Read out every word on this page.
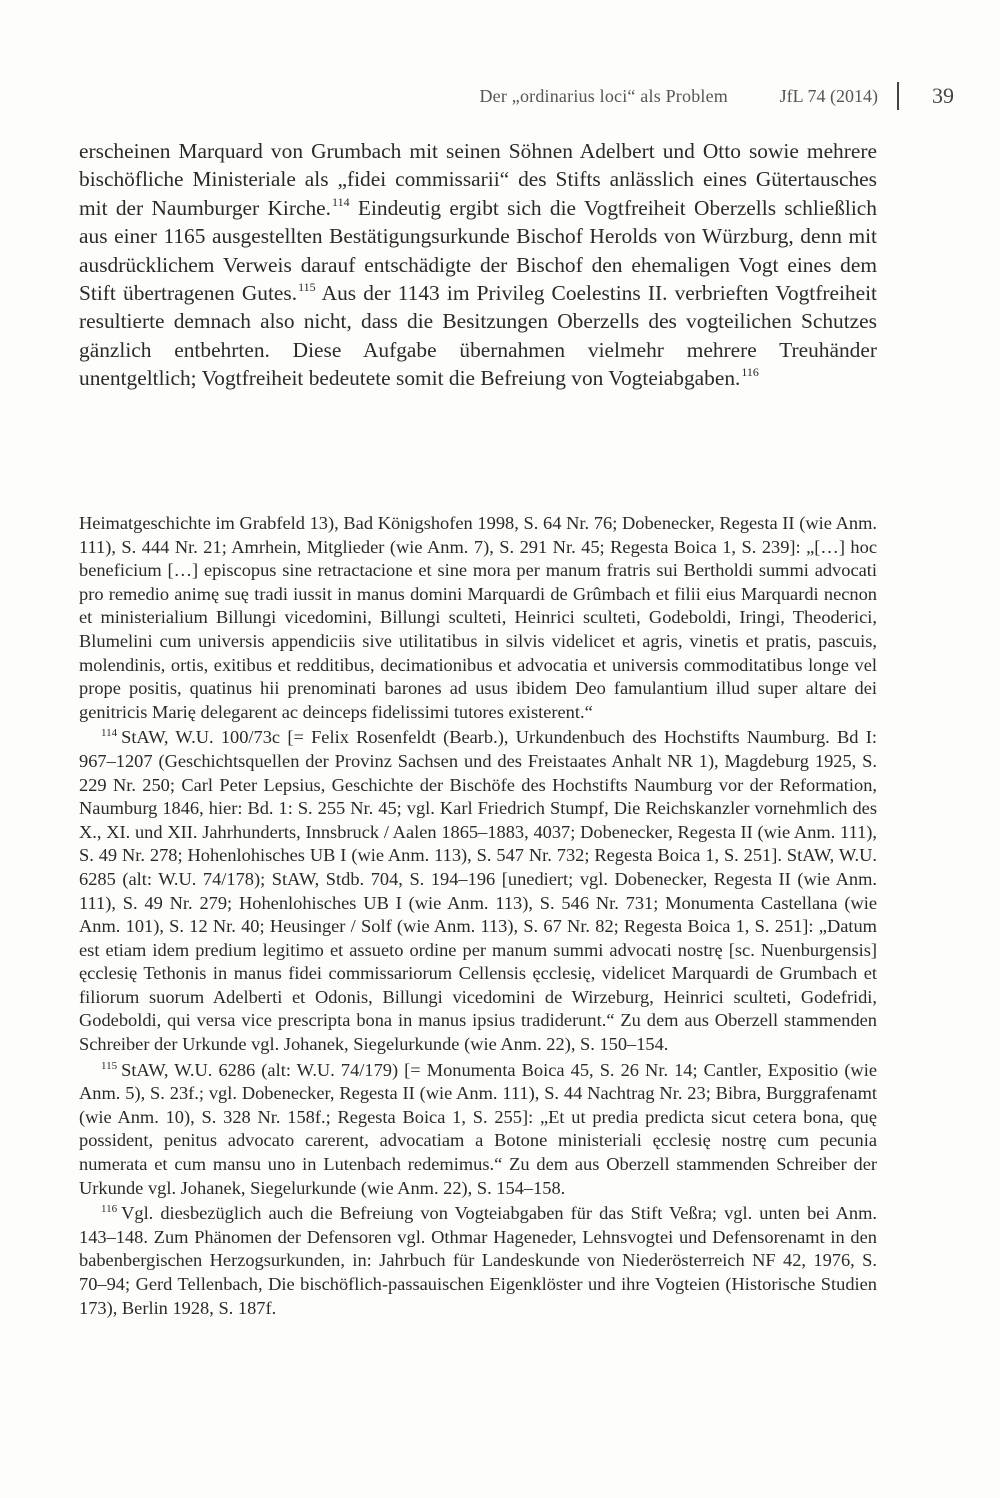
Der „ordinarius loci“ als Problem	JfL 74 (2014) 39

erscheinen Marquard von Grumbach mit seinen Söhnen Adelbert und Otto sowie mehrere bischöfliche Ministeriale als „fidei commissarii“ des Stifts anlässlich eines Gütertausches mit der Naumburger Kirche.$^{114}$ Eindeutig ergibt sich die Vogtfreiheit Oberzells schließlich aus einer 1165 ausgestellten Bestätigungsurkunde Bischof Herolds von Würzburg, denn mit ausdrücklichem Verweis darauf entschädigte der Bischof den ehemaligen Vogt eines dem Stift übertragenen Gutes.$^{115}$ Aus der 1143 im Privileg Coelestins II. verbrieften Vogtfreiheit resultierte demnach also nicht, dass die Besitzungen Oberzells des vogteilichen Schutzes gänzlich entbehrten. Diese Aufgabe übernahmen vielmehr mehrere Treuhänder unentgeltlich; Vogtfreiheit bedeutete somit die Befreiung von Vogteiabgaben.$^{116}$

Heimatgeschichte im Grabfeld 13), Bad Königshofen 1998, S. 64 Nr. 76; Dobenecker, Regesta II (wie Anm. 111), S. 444 Nr. 21; Amrhein, Mitglieder (wie Anm. 7), S. 291 Nr. 45; Regesta Boica 1, S. 239]: „[…] hoc beneficium […] episcopus sine retractacione et sine mora per manum fratris sui Bertholdi summi advocati pro remedio animę suę tradi iussit in manus domini Marquardi de Grûmbach et filii eius Marquardi necnon et ministerialium Billungi vicedomini, Billungi sculteti, Heinrici sculteti, Godeboldi, Iringi, Theoderici, Blumelini cum universis appendiciis sive utilitatibus in silvis videlicet et agris, vinetis et pratis, pascuis, molendinis, ortis, exitibus et redditibus, decimationibus et advocatia et universis commoditatibus longe vel prope positis, quatinus hii prenominati barones ad usus ibidem Deo famulantium illud super altare dei genitricis Marię delegarent ac deinceps fidelissimi tutores existerent.“

$^{114}$ StAW, W.U. 100/73c [= Felix Rosenfeldt (Bearb.), Urkundenbuch des Hochstifts Naumburg. Bd I: 967–1207 (Geschichtsquellen der Provinz Sachsen und des Freistaates Anhalt NR 1), Magdeburg 1925, S. 229 Nr. 250; Carl Peter Lepsius, Geschichte der Bischöfe des Hochstifts Naumburg vor der Reformation, Naumburg 1846, hier: Bd. 1: S. 255 Nr. 45; vgl. Karl Friedrich Stumpf, Die Reichskanzler vornehmlich des X., XI. und XII. Jahrhunderts, Innsbruck / Aalen 1865–1883, 4037; Dobenecker, Regesta II (wie Anm. 111), S. 49 Nr. 278; Hohenlohisches UB I (wie Anm. 113), S. 547 Nr. 732; Regesta Boica 1, S. 251]. StAW, W.U. 6285 (alt: W.U. 74/178); StAW, Stdb. 704, S. 194–196 [unediert; vgl. Dobenecker, Regesta II (wie Anm. 111), S. 49 Nr. 279; Hohenlohisches UB I (wie Anm. 113), S. 546 Nr. 731; Monumenta Castellana (wie Anm. 101), S. 12 Nr. 40; Heusinger / Solf (wie Anm. 113), S. 67 Nr. 82; Regesta Boica 1, S. 251]: „Datum est etiam idem predium legitimo et assueto ordine per manum summi advocati nostrę [sc. Nuenburgensis] ęcclesię Tethonis in manus fidei commissariorum Cellensis ęcclesię, videlicet Marquardi de Grumbach et filiorum suorum Adelberti et Odonis, Billungi vicedomini de Wirzeburg, Heinrici sculteti, Godefridi, Godeboldi, qui versa vice prescripta bona in manus ipsius tradiderunt.“ Zu dem aus Oberzell stammenden Schreiber der Urkunde vgl. Johanek, Siegelurkunde (wie Anm. 22), S. 150–154.

$^{115}$ StAW, W.U. 6286 (alt: W.U. 74/179) [= Monumenta Boica 45, S. 26 Nr. 14; Cantler, Expositio (wie Anm. 5), S. 23f.; vgl. Dobenecker, Regesta II (wie Anm. 111), S. 44 Nachtrag Nr. 23; Bibra, Burggrafenamt (wie Anm. 10), S. 328 Nr. 158f.; Regesta Boica 1, S. 255]: „Et ut predia predicta sicut cetera bona, quę possident, penitus advocato carerent, advocatiam a Botone ministeriali ęcclesię nostrę cum pecunia numerata et cum mansu uno in Lutenbach redemimus.“ Zu dem aus Oberzell stammenden Schreiber der Urkunde vgl. Johanek, Siegelurkunde (wie Anm. 22), S. 154–158.

$^{116}$ Vgl. diesbezüglich auch die Befreiung von Vogteiabgaben für das Stift Veßra; vgl. unten bei Anm. 143–148. Zum Phänomen der Defensoren vgl. Othmar Hageneder, Lehnsvogtei und Defensorenamt in den babenbergischen Herzogsurkunden, in: Jahrbuch für Landeskunde von Niederösterreich NF 42, 1976, S. 70–94; Gerd Tellenbach, Die bischöflich-passauischen Eigenklöster und ihre Vogteien (Historische Studien 173), Berlin 1928, S. 187f.
